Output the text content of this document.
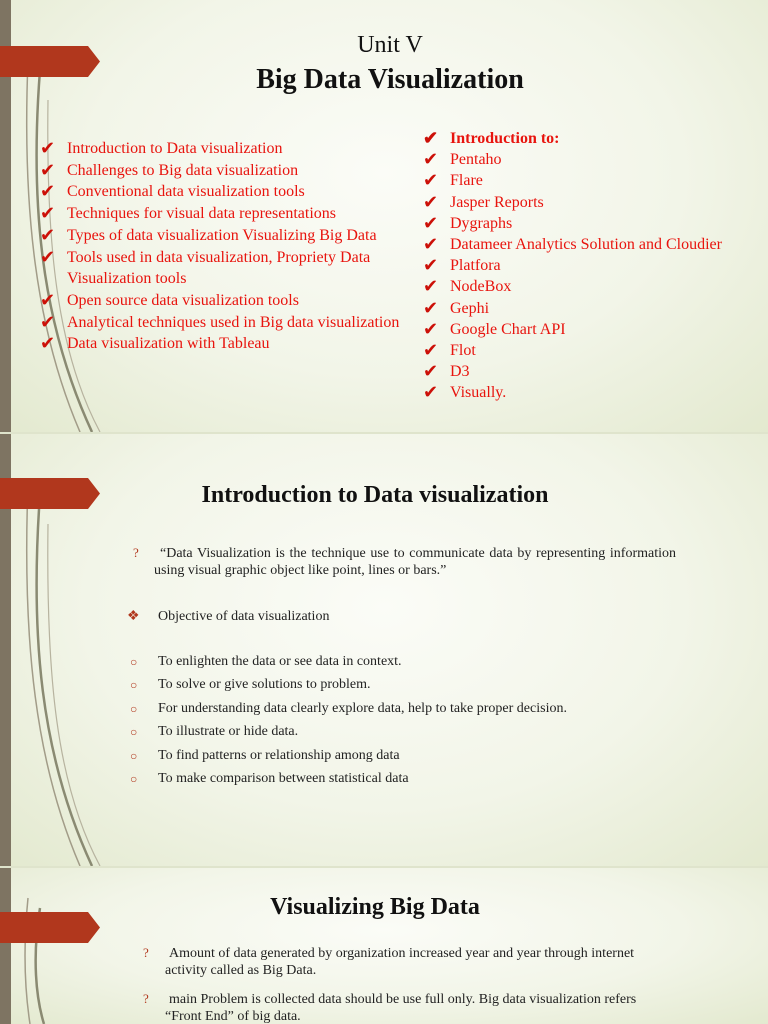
Unit V
Big Data Visualization
✔ Introduction to Data visualization
✔ Challenges to Big data visualization
✔ Conventional data visualization tools
✔ Techniques for visual data representations
✔ Types of data visualization Visualizing Big Data
✔ Tools used in data visualization, Propriety Data Visualization tools
✔ Open source data visualization tools
✔ Analytical techniques used in Big data visualization
✔ Data visualization with Tableau
✔ Introduction to:
✔ Pentaho
✔ Flare
✔ Jasper Reports
✔ Dygraphs
✔ Datameer Analytics Solution and Cloudier
✔ Platfora
✔ NodeBox
✔ Gephi
✔ Google Chart API
✔ Flot
✔ D3
✔ Visually.
Introduction to Data visualization
?	“Data Visualization is the technique use to communicate data by representing information using visual graphic object like point, lines or bars.”
❖ Objective of data visualization
○ To enlighten the data or see data in context.
○ To solve or give solutions to problem.
○ For understanding data clearly explore data, help to take proper decision.
○ To illustrate or hide data.
○ To find patterns or relationship among data
○ To make comparison between statistical data
Visualizing Big Data
? Amount of data generated by organization increased year and year through internet activity called as Big Data.
? main Problem is collected data should be use full only. Big data visualization refers “Front End” of big data.
